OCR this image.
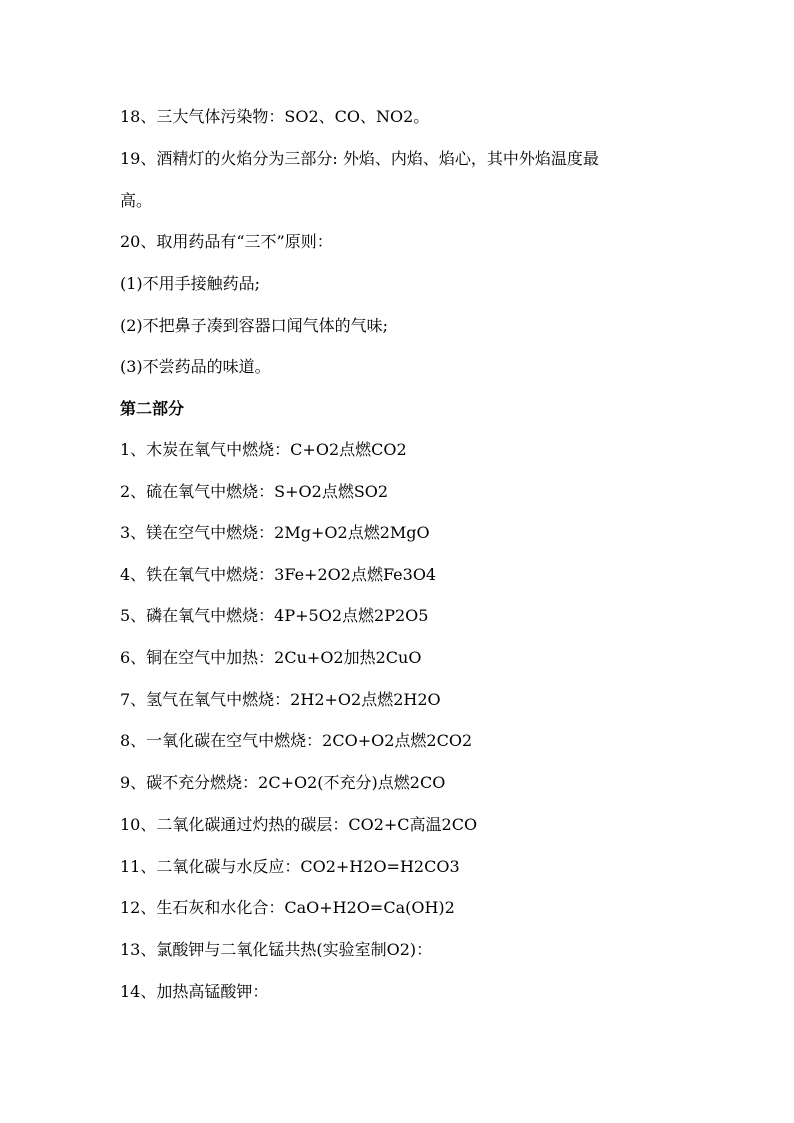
18、三大气体污染物：SO2、CO、NO2。
19、酒精灯的火焰分为三部分: 外焰、内焰、焰心，其中外焰温度最
高。
20、取用药品有“三不”原则：
(1)不用手接触药品;
(2)不把鼻子凑到容器口闻气体的气味;
(3)不尝药品的味道。
第二部分
1、木炭在氧气中燃烧：C+O2点燃CO2
2、硫在氧气中燃烧：S+O2点燃SO2
3、镁在空气中燃烧：2Mg+O2点燃2MgO
4、铁在氧气中燃烧：3Fe+2O2点燃Fe3O4
5、磷在氧气中燃烧：4P+5O2点燃2P2O5
6、铜在空气中加热：2Cu+O2加热2CuO
7、氢气在氧气中燃烧：2H2+O2点燃2H2O
8、一氧化碳在空气中燃烧：2CO+O2点燃2CO2
9、碳不充分燃烧：2C+O2(不充分)点燃2CO
10、二氧化碳通过灼热的碳层：CO2+C高温2CO
11、二氧化碳与水反应：CO2+H2O=H2CO3
12、生石灰和水化合：CaO+H2O=Ca(OH)2
13、氯酸钾与二氧化锰共热(实验室制O2)：
14、加热高锰酸钾：
